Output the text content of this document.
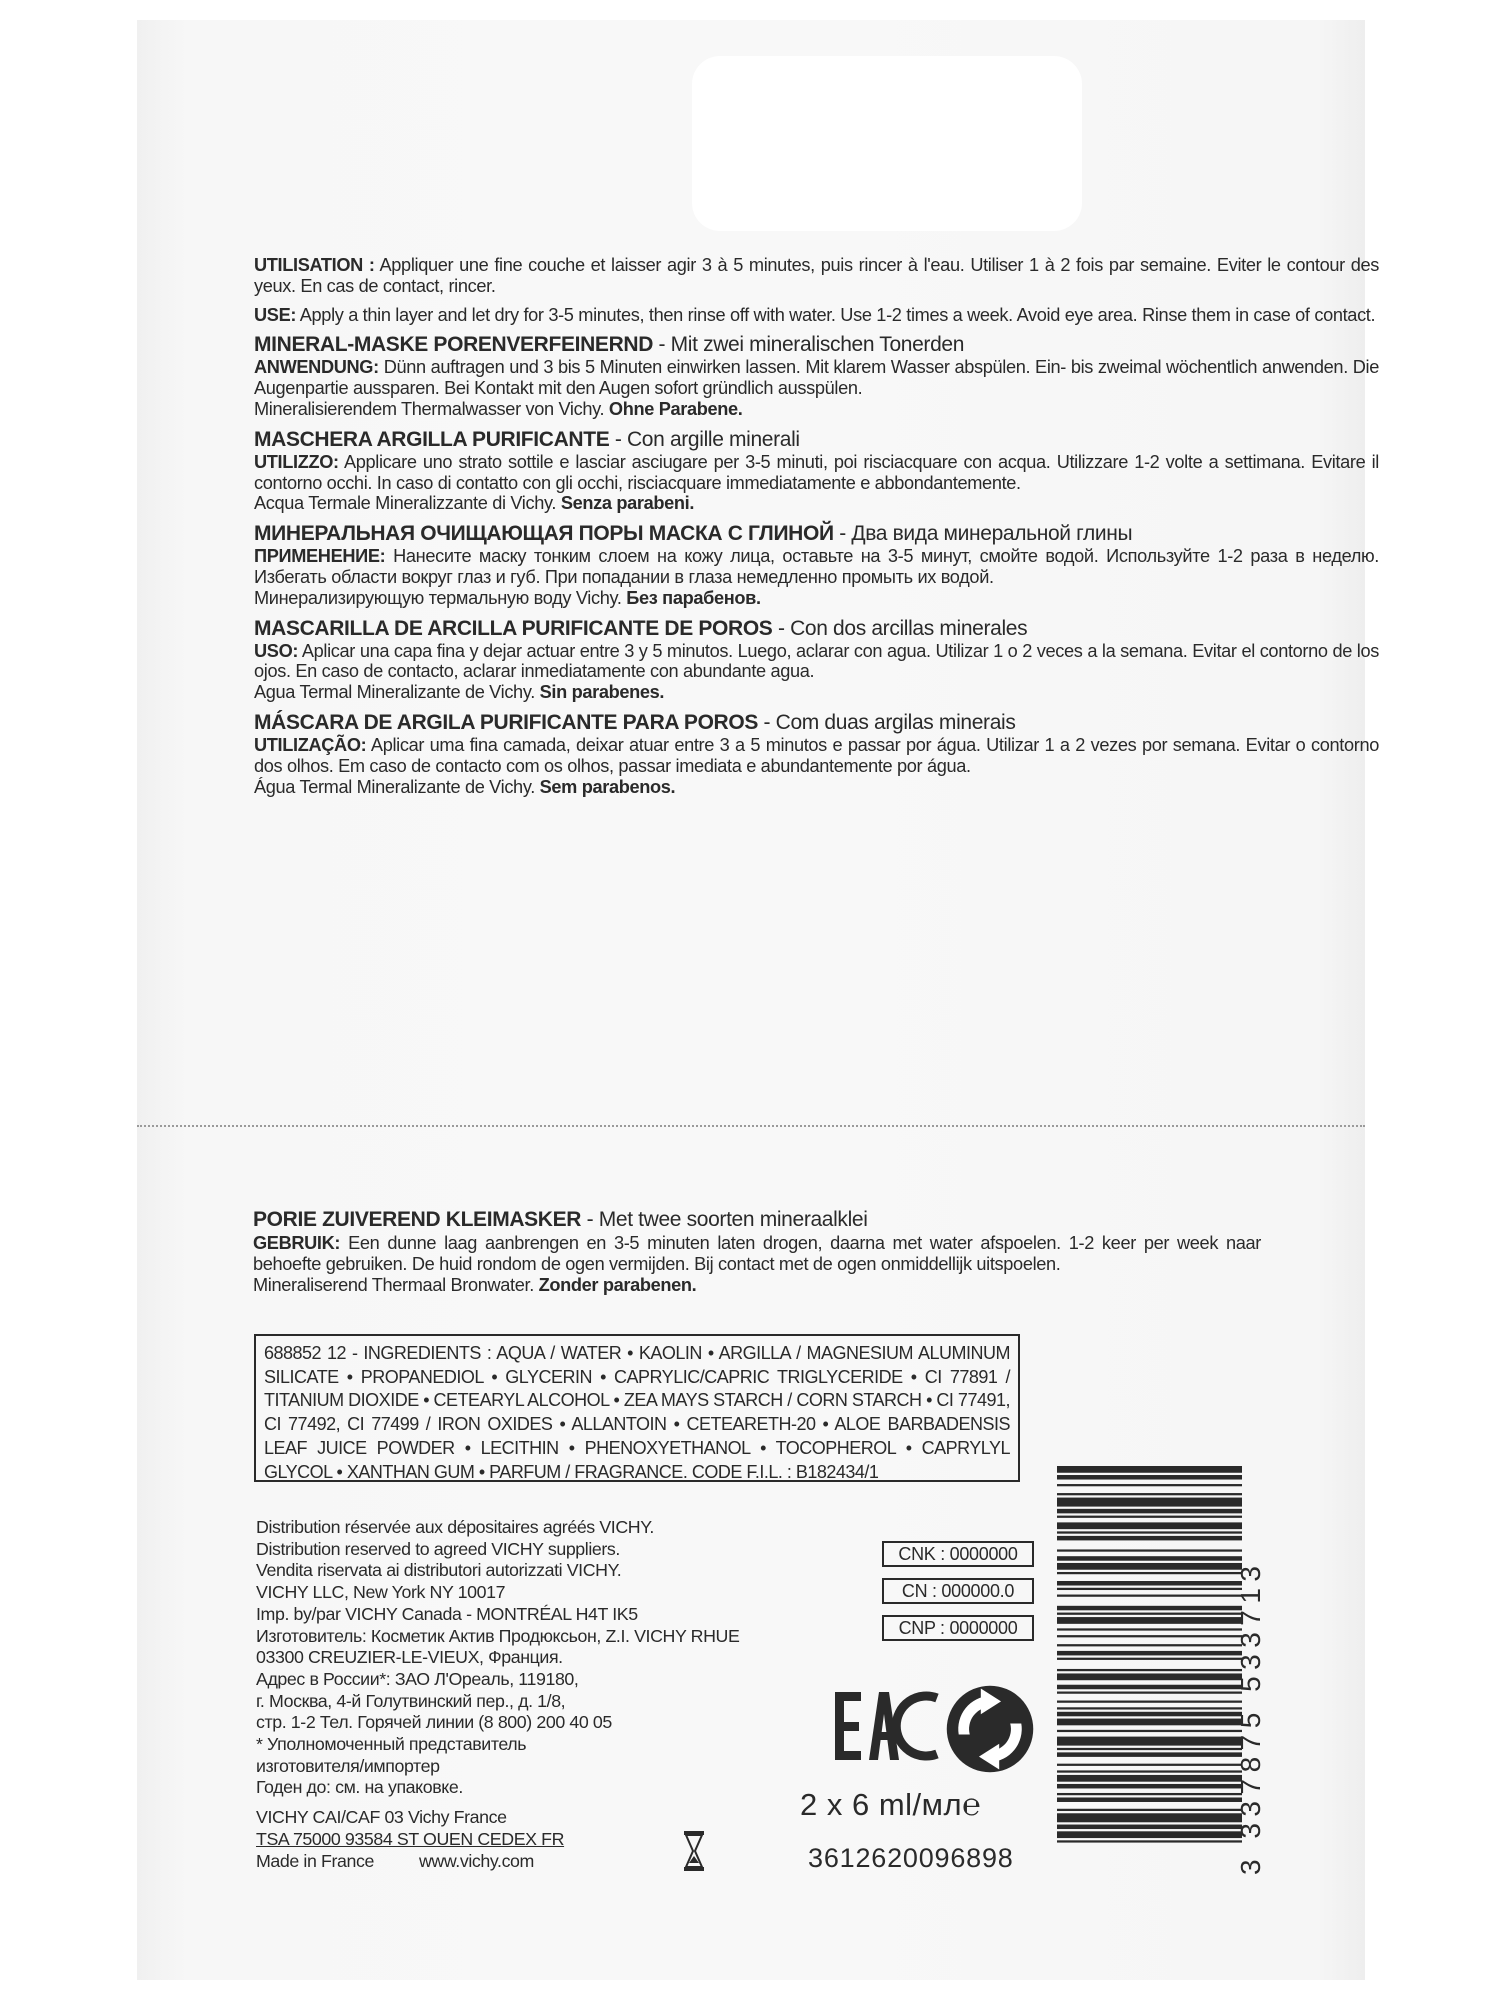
UTILISATION : Appliquer une fine couche et laisser agir 3 à 5 minutes, puis rincer à l'eau. Utiliser 1 à 2 fois par semaine. Eviter le contour des yeux. En cas de contact, rincer.

USE: Apply a thin layer and let dry for 3-5 minutes, then rinse off with water. Use 1-2 times a week. Avoid eye area. Rinse them in case of contact.

MINERAL-MASKE PORENVERFEINERND - Mit zwei mineralischen Tonerden

ANWENDUNG: Dünn auftragen und 3 bis 5 Minuten einwirken lassen. Mit klarem Wasser abspülen. Ein- bis zweimal wöchentlich anwenden. Die Augenpartie aussparen. Bei Kontakt mit den Augen sofort gründlich ausspülen.

Mineralisierendem Thermalwasser von Vichy. Ohne Parabene.

MASCHERA ARGILLA PURIFICANTE - Con argille minerali

UTILIZZO: Applicare uno strato sottile e lasciar asciugare per 3-5 minuti, poi risciacquare con acqua. Utilizzare 1-2 volte a settimana. Evitare il contorno occhi. In caso di contatto con gli occhi, risciacquare immediatamente e abbondantemente.

Acqua Termale Mineralizzante di Vichy. Senza parabeni.

МИНЕРАЛЬНАЯ ОЧИЩАЮЩАЯ ПОРЫ МАСКА С ГЛИНОЙ - Два вида минеральной глины

ПРИМЕНЕНИЕ: Нанесите маску тонким слоем на кожу лица, оставьте на 3-5 минут, смойте водой. Используйте 1-2 раза в неделю. Избегать области вокруг глаз и губ. При попадании в глаза немедленно промыть их водой.

Минерализирующую термальную воду Vichy. Без парабенов.

MASCARILLA DE ARCILLA PURIFICANTE DE POROS - Con dos arcillas minerales

USO: Aplicar una capa fina y dejar actuar entre 3 y 5 minutos. Luego, aclarar con agua. Utilizar 1 o 2 veces a la semana. Evitar el contorno de los ojos. En caso de contacto, aclarar inmediatamente con abundante agua.

Agua Termal Mineralizante de Vichy. Sin parabenes.

MÁSCARA DE ARGILA PURIFICANTE PARA POROS - Com duas argilas minerais

UTILIZAÇÃO: Aplicar uma fina camada, deixar atuar entre 3 a 5 minutos e passar por água. Utilizar 1 a 2 vezes por semana. Evitar o contorno dos olhos. Em caso de contacto com os olhos, passar imediata e abundantemente por água.

Água Termal Mineralizante de Vichy. Sem parabenos.

PORIE ZUIVEREND KLEIMASKER - Met twee soorten mineraalklei

GEBRUIK: Een dunne laag aanbrengen en 3-5 minuten laten drogen, daarna met water afspoelen. 1-2 keer per week naar behoefte gebruiken. De huid rondom de ogen vermijden. Bij contact met de ogen onmiddellijk uitspoelen.

Mineraliserend Thermaal Bronwater. Zonder parabenen.

688852 12 - INGREDIENTS : AQUA / WATER • KAOLIN • ARGILLA / MAGNESIUM ALUMINUM SILICATE • PROPANEDIOL • GLYCERIN • CAPRYLIC/CAPRIC TRIGLYCERIDE • CI 77891 / TITANIUM DIOXIDE • CETEARYL ALCOHOL • ZEA MAYS STARCH / CORN STARCH • CI 77491, CI 77492, CI 77499 / IRON OXIDES • ALLANTOIN • CETEARETH-20 • ALOE BARBADENSIS LEAF JUICE POWDER • LECITHIN • PHENOXYETHANOL • TOCOPHEROL • CAPRYLYL GLYCOL • XANTHAN GUM • PARFUM / FRAGRANCE. CODE F.I.L. : B182434/1
Distribution réservée aux dépositaires agréés VICHY.
Distribution reserved to agreed VICHY suppliers.
Vendita riservata ai distributori autorizzati VICHY.
VICHY LLC, New York NY 10017
Imp. by/par VICHY Canada - MONTRÉAL H4T IK5
Изготовитель: Косметик Актив Продюксьон, Z.I. VICHY RHUE
03300 CREUZIER-LE-VIEUX, Франция.
Адрес в России*: ЗАО Л'Ореаль, 119180,
г. Москва, 4-й Голутвинский пер., д. 1/8,
стр. 1-2 Тел. Горячей линии (8 800) 200 40 05
* Уполномоченный представитель
изготовителя/импортер
Годен до: см. на упаковке.
VICHY CAI/CAF 03 Vichy France
TSA 75000 93584 ST OUEN CEDEX FR
Made in France	www.vichy.com
CNK : 0000000
CN : 000000.0
CNP : 0000000
EAC
2 x 6 ml/мл℮
3612620096898	3 337875 533713
